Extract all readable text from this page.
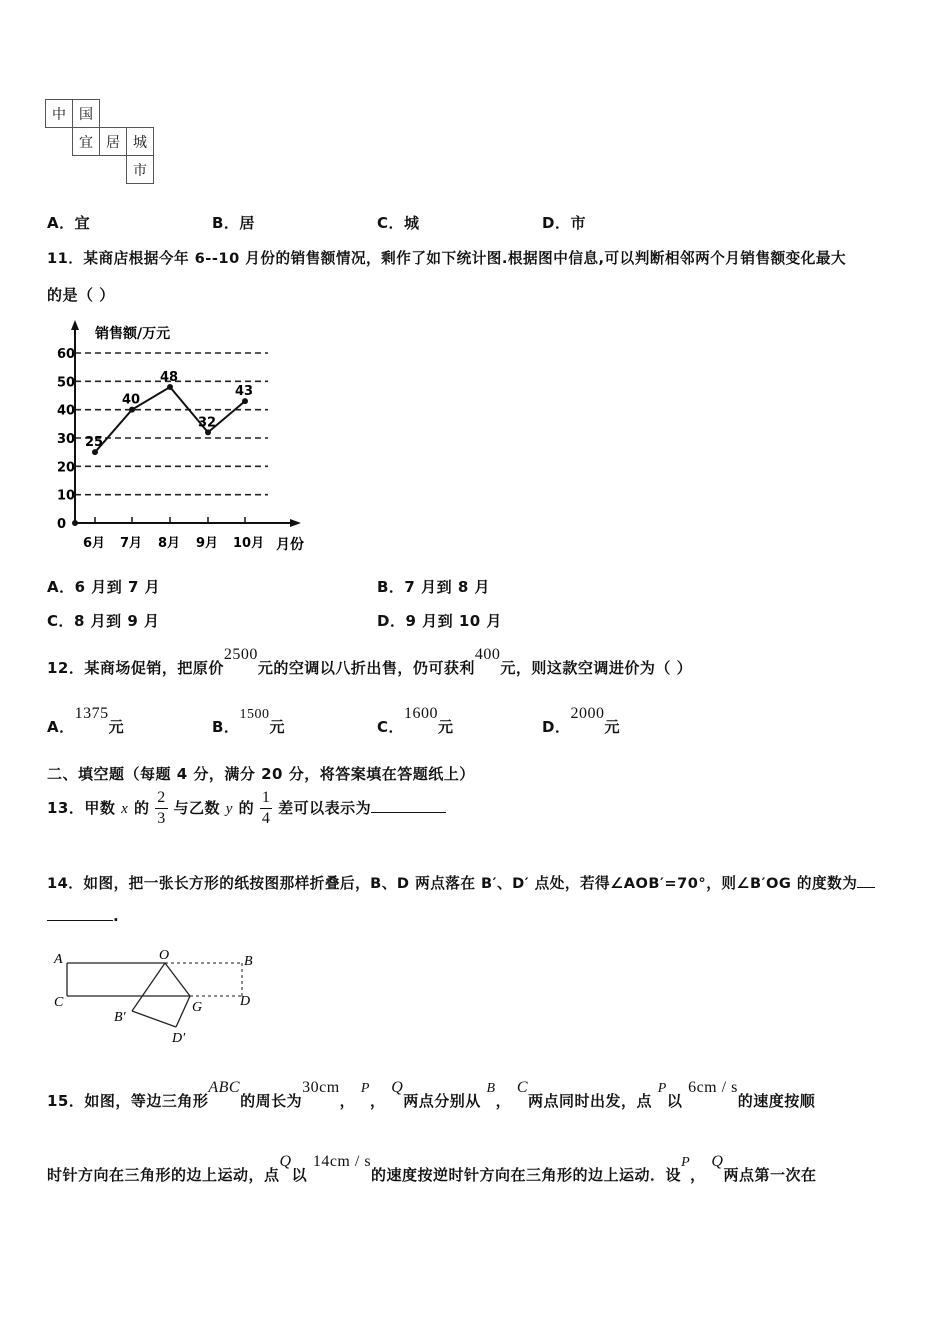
中	国		
	宜	居	城
			市
A．宜	B．居	C．城	D．市
11．某商店根据今年 6--10 月份的销售额情况，剩作了如下统计图.根据图中信息,可以判断相邻两个月销售额变化最大
的是（ ）
0
10
20
30
40
50
60
销售额/万元
25
40
48
32
43
6月 7月 8月 9月 10月 月份
A．6 月到 7 月	B．7 月到 8 月
C．8 月到 9 月	D．9 月到 10 月
12．某商场促销，把原价2500元的空调以八折出售，仍可获利400元，则这款空调进价为（ ）
A．1375元	B．1500元	C．1600元	D．2000元
二、填空题（每题 4 分，满分 20 分，将答案填在答题纸上）
13．甲数 x 的 $\frac{2}{3}$ 与乙数 y 的 $\frac{1}{4}$ 差可以表示为
14．如图，把一张长方形的纸按图那样折叠后，B、D 两点落在 B′、D′ 点处，若得∠AOB′=70°，则∠B′OG 的度数为
.
A	O	B
C	G	D
B′
D′
15．如图，等边三角形ABC的周长为30cm， P， Q两点分别从 B， C两点同时出发，点 P以 6cm / s的速度按顺
时针方向在三角形的边上运动，点Q以 14cm / s的速度按逆时针方向在三角形的边上运动．设P， Q两点第一次在
